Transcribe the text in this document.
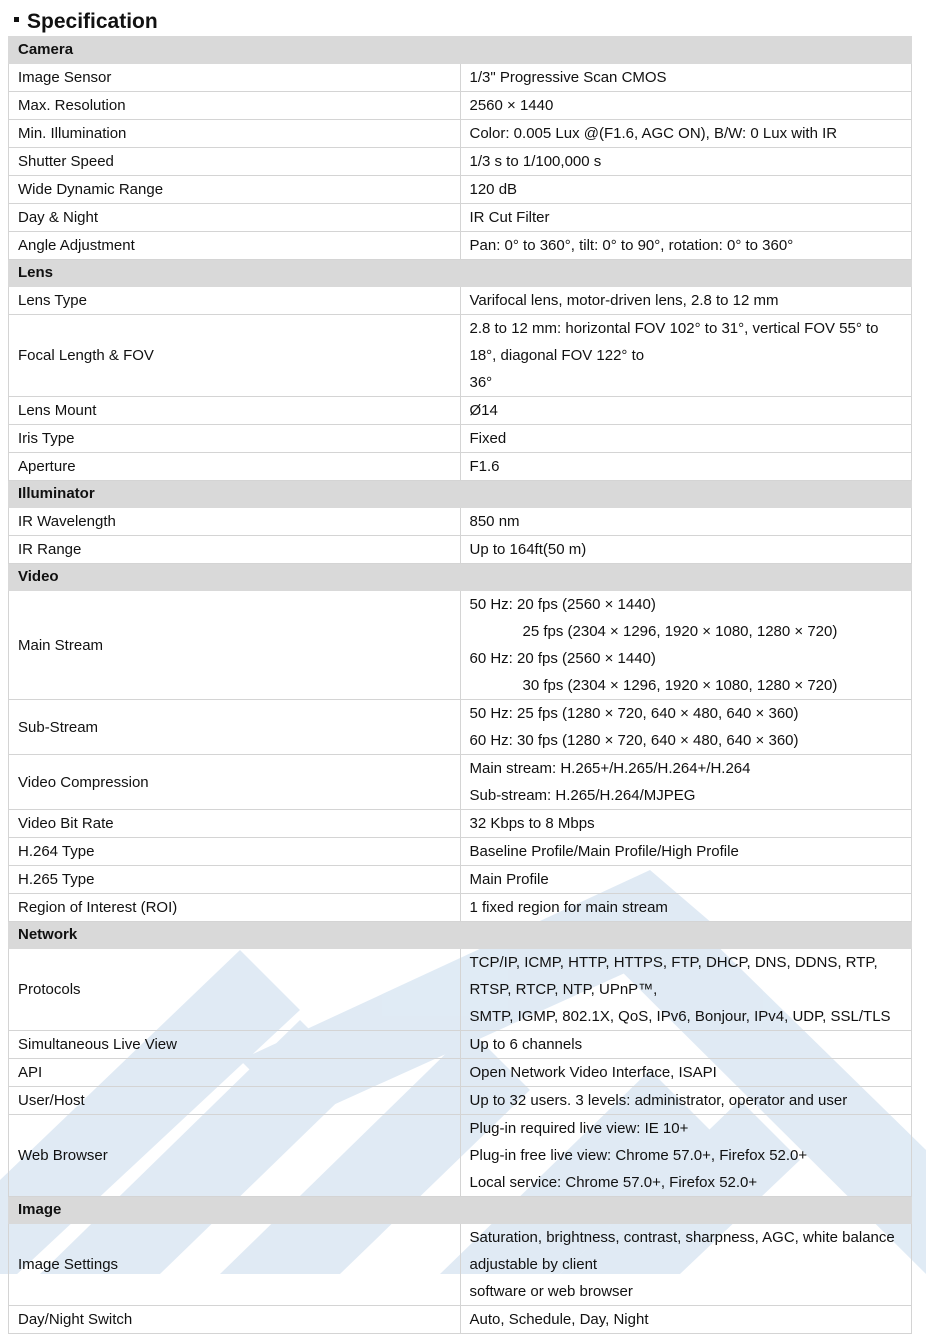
Specification
Camera	
Image Sensor	1/3" Progressive Scan CMOS

Max. Resolution	2560 × 1440

Min. Illumination	Color: 0.005 Lux @(F1.6, AGC ON), B/W: 0 Lux with IR

Shutter Speed	1/3 s to 1/100,000 s

Wide Dynamic Range	120 dB

Day & Night	IR Cut Filter

Angle Adjustment	Pan: 0° to 360°, tilt: 0° to 90°, rotation: 0° to 360°

Lens	
Lens Type	Varifocal lens, motor-driven lens, 2.8 to 12 mm

Focal Length & FOV	2.8 to 12 mm: horizontal FOV 102° to 31°, vertical FOV 55° to 18°, diagonal FOV 122° to
36°

Lens Mount	Ø14

Iris Type	Fixed

Aperture	F1.6

Illuminator	
IR Wavelength	850 nm

IR Range	Up to 164ft(50 m)

Video	
Main Stream	50 Hz: 20 fps (2560 × 1440)
25 fps (2304 × 1296, 1920 × 1080, 1280 × 720)
60 Hz: 20 fps (2560 × 1440)
30 fps (2304 × 1296, 1920 × 1080, 1280 × 720)

Sub-Stream	50 Hz: 25 fps (1280 × 720, 640 × 480, 640 × 360)
60 Hz: 30 fps (1280 × 720, 640 × 480, 640 × 360)

Video Compression	Main stream: H.265+/H.265/H.264+/H.264
Sub-stream: H.265/H.264/MJPEG

Video Bit Rate	32 Kbps to 8 Mbps

H.264 Type	Baseline Profile/Main Profile/High Profile

H.265 Type	Main Profile

Region of Interest (ROI)	1 fixed region for main stream

Network	
Protocols	TCP/IP, ICMP, HTTP, HTTPS, FTP, DHCP, DNS, DDNS, RTP, RTSP, RTCP, NTP, UPnP™,
SMTP, IGMP, 802.1X, QoS, IPv6, Bonjour, IPv4, UDP, SSL/TLS

Simultaneous Live View	Up to 6 channels

API	Open Network Video Interface, ISAPI

User/Host	Up to 32 users. 3 levels: administrator, operator and user

Web Browser	Plug-in required live view: IE 10+
Plug-in free live view: Chrome 57.0+, Firefox 52.0+
Local service: Chrome 57.0+, Firefox 52.0+

Image	
Image Settings	Saturation, brightness, contrast, sharpness, AGC, white balance adjustable by client
software or web browser

Day/Night Switch	Auto, Schedule, Day, Night
